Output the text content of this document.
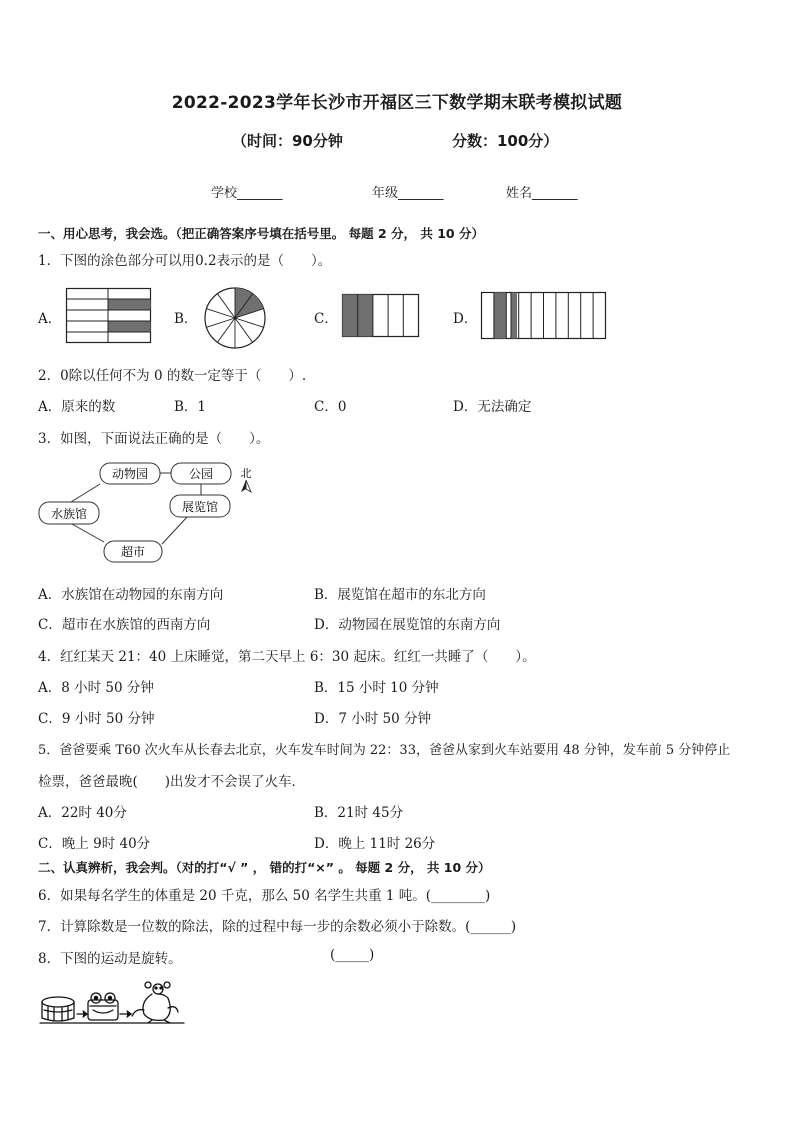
2022-2023学年长沙市开福区三下数学期末联考模拟试题
（时间：90分钟	分数：100分）
学校_______	年级_______	姓名_______
一、用心思考，我会选。（把正确答案序号填在括号里。 每题 2 分， 共 10 分）
1．下图的涂色部分可以用0.2表示的是（　　）。
A．	B．	C．	D．
2．0除以任何不为 0 的数一定等于（　　）.
A．原来的数	B．1	C．0	D．无法确定
3．如图，下面说法正确的是（　　）。
动物园	公园
水族馆	展览馆
超市
北
A．水族馆在动物园的东南方向	B．展览馆在超市的东北方向
C．超市在水族馆的西南方向	D．动物园在展览馆的东南方向
4．红红某天 21：40 上床睡觉，第二天早上 6：30 起床。红红一共睡了（　　）。
A．8 小时 50 分钟	B．15 小时 10 分钟
C．9 小时 50 分钟	D．7 小时 50 分钟
5．爸爸要乘 T60 次火车从长春去北京，火车发车时间为 22：33，爸爸从家到火车站要用 48 分钟，发车前 5 分钟停止
检票，爸爸最晚(　　)出发才不会误了火车．
A．22时 40分	B．21时 45分
C．晚上 9时 40分	D．晚上 11时 26分
二、认真辨析，我会判。（对的打“√ ” ， 错的打“×” 。 每题 2 分， 共 10 分）
6．如果每名学生的体重是 20 千克，那么 50 名学生共重 1 吨。(________)
7．计算除数是一位数的除法，除的过程中每一步的余数必须小于除数。(______)
8．下图的运动是旋转。	(_____)
